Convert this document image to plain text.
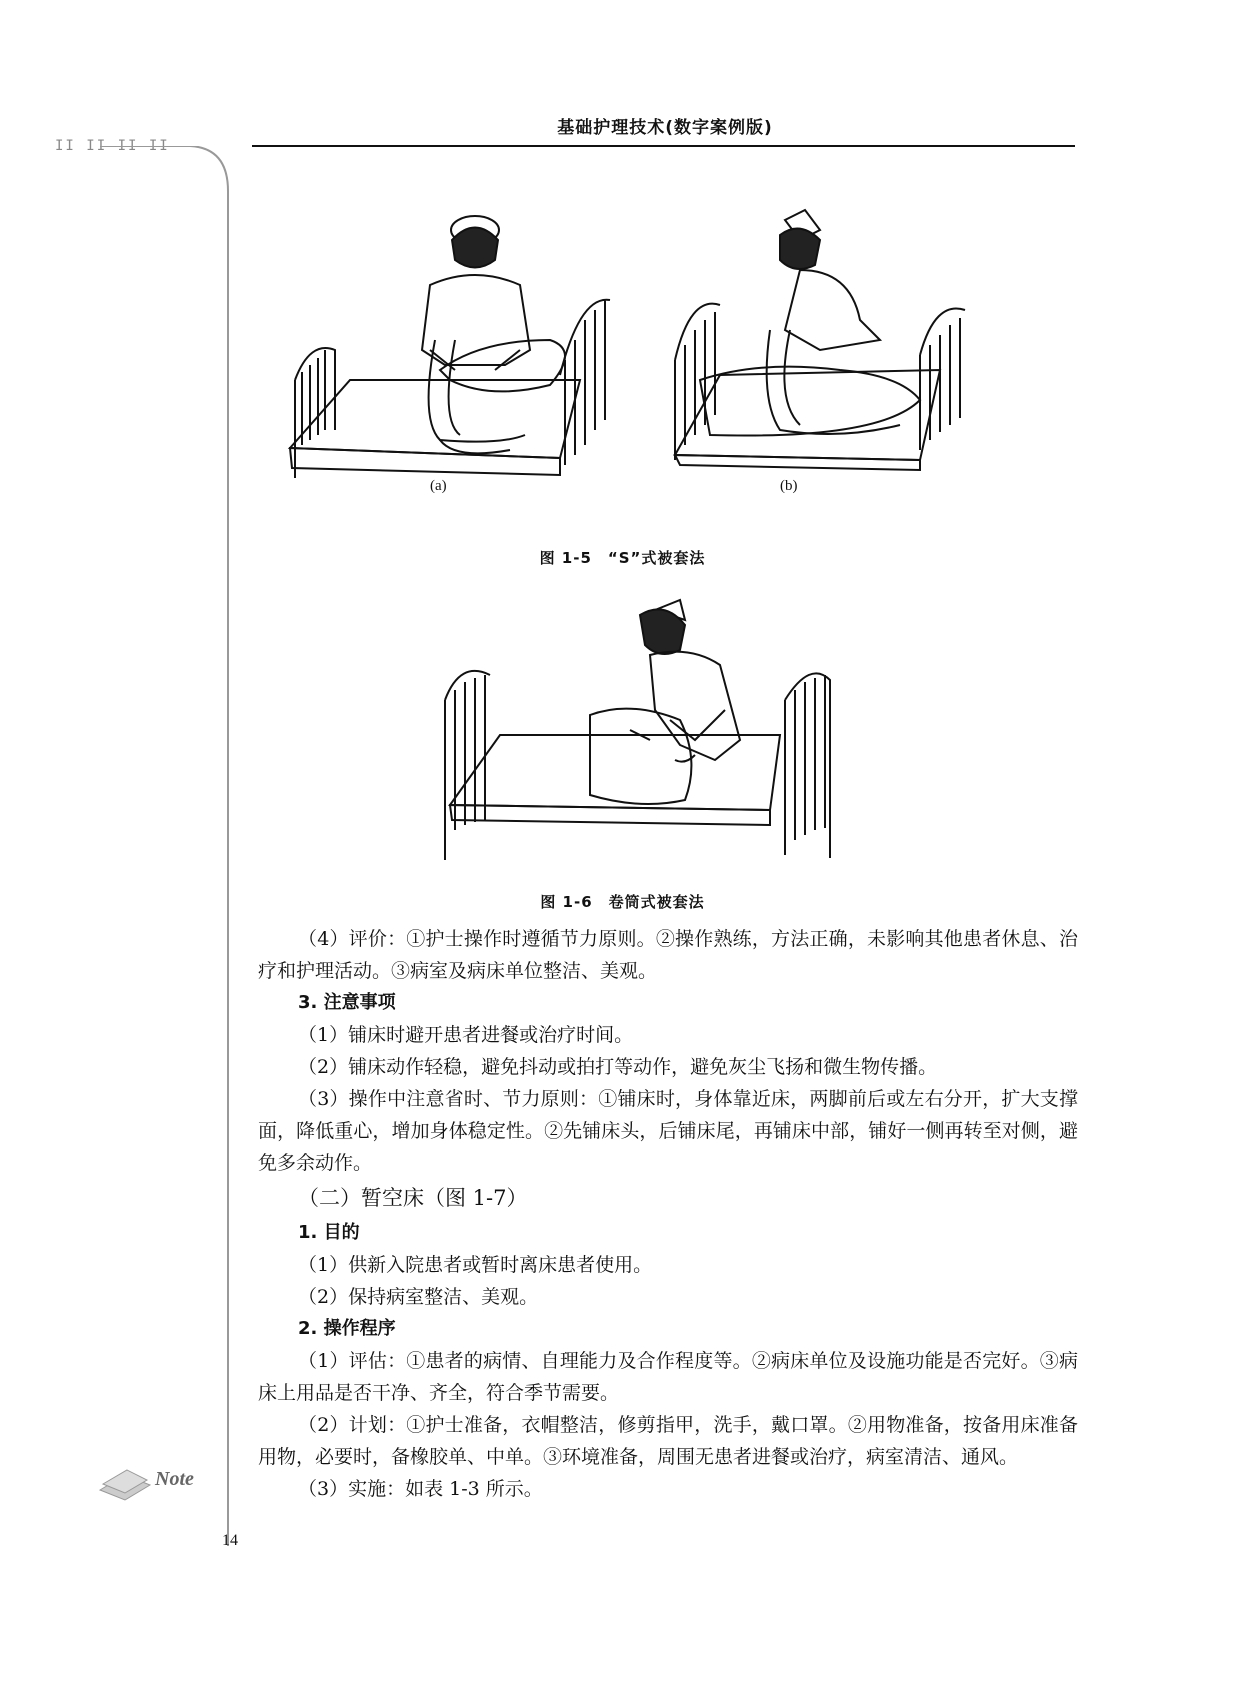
II II II II
基础护理技术(数字案例版)
(a)	(b)
图 1-5　“S”式被套法
图 1-6　卷筒式被套法

（4）评价：①护士操作时遵循节力原则。②操作熟练，方法正确，未影响其他患者休息、治疗和护理活动。③病室及病床单位整洁、美观。

3. 注意事项

（1）铺床时避开患者进餐或治疗时间。

（2）铺床动作轻稳，避免抖动或拍打等动作，避免灰尘飞扬和微生物传播。

（3）操作中注意省时、节力原则：①铺床时，身体靠近床，两脚前后或左右分开，扩大支撑面，降低重心，增加身体稳定性。②先铺床头，后铺床尾，再铺床中部，铺好一侧再转至对侧，避免多余动作。

（二）暂空床（图 1-7）

1. 目的

（1）供新入院患者或暂时离床患者使用。

（2）保持病室整洁、美观。

2. 操作程序

（1）评估：①患者的病情、自理能力及合作程度等。②病床单位及设施功能是否完好。③病床上用品是否干净、齐全，符合季节需要。

（2）计划：①护士准备，衣帽整洁，修剪指甲，洗手，戴口罩。②用物准备，按备用床准备用物，必要时，备橡胶单、中单。③环境准备，周围无患者进餐或治疗，病室清洁、通风。

（3）实施：如表 1-3 所示。

Note
14
